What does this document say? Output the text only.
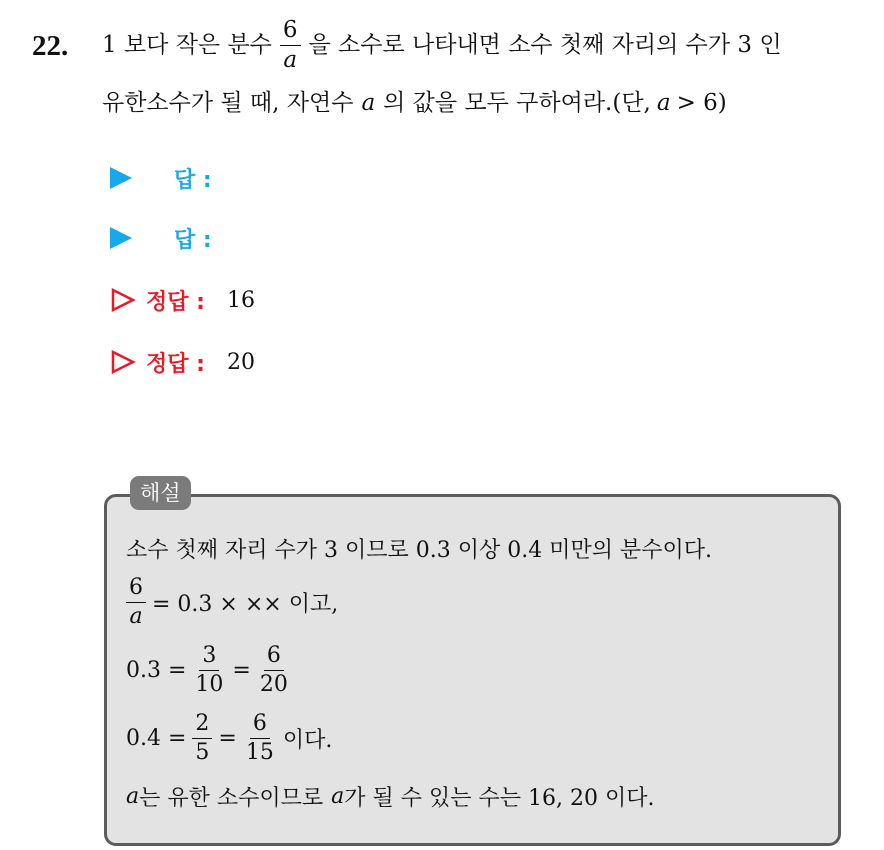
22. 1 보다 작은 분수 $\frac{6}{a}$ 을 소수로 나타내면 소수 첫째 자리의 수가 3 인
유한소수가 될 때, 자연수 a 의 값을 모두 구하여라.(단, a > 6)
답 :
답 :
정답 : 16
정답 : 20
해설
소수 첫째 자리 수가 3 이므로 0.3 이상 0.4 미만의 분수이다.
$\frac{6}{a} = 0.3$ × ×× 이고,
$0.3 = \frac{3}{10} = \frac{6}{20}$
$0.4 = \frac{2}{5} = \frac{6}{15}$ 이다.
a 는 유한 소수이므로 a 가 될 수 있는 수는 16, 20 이다.
